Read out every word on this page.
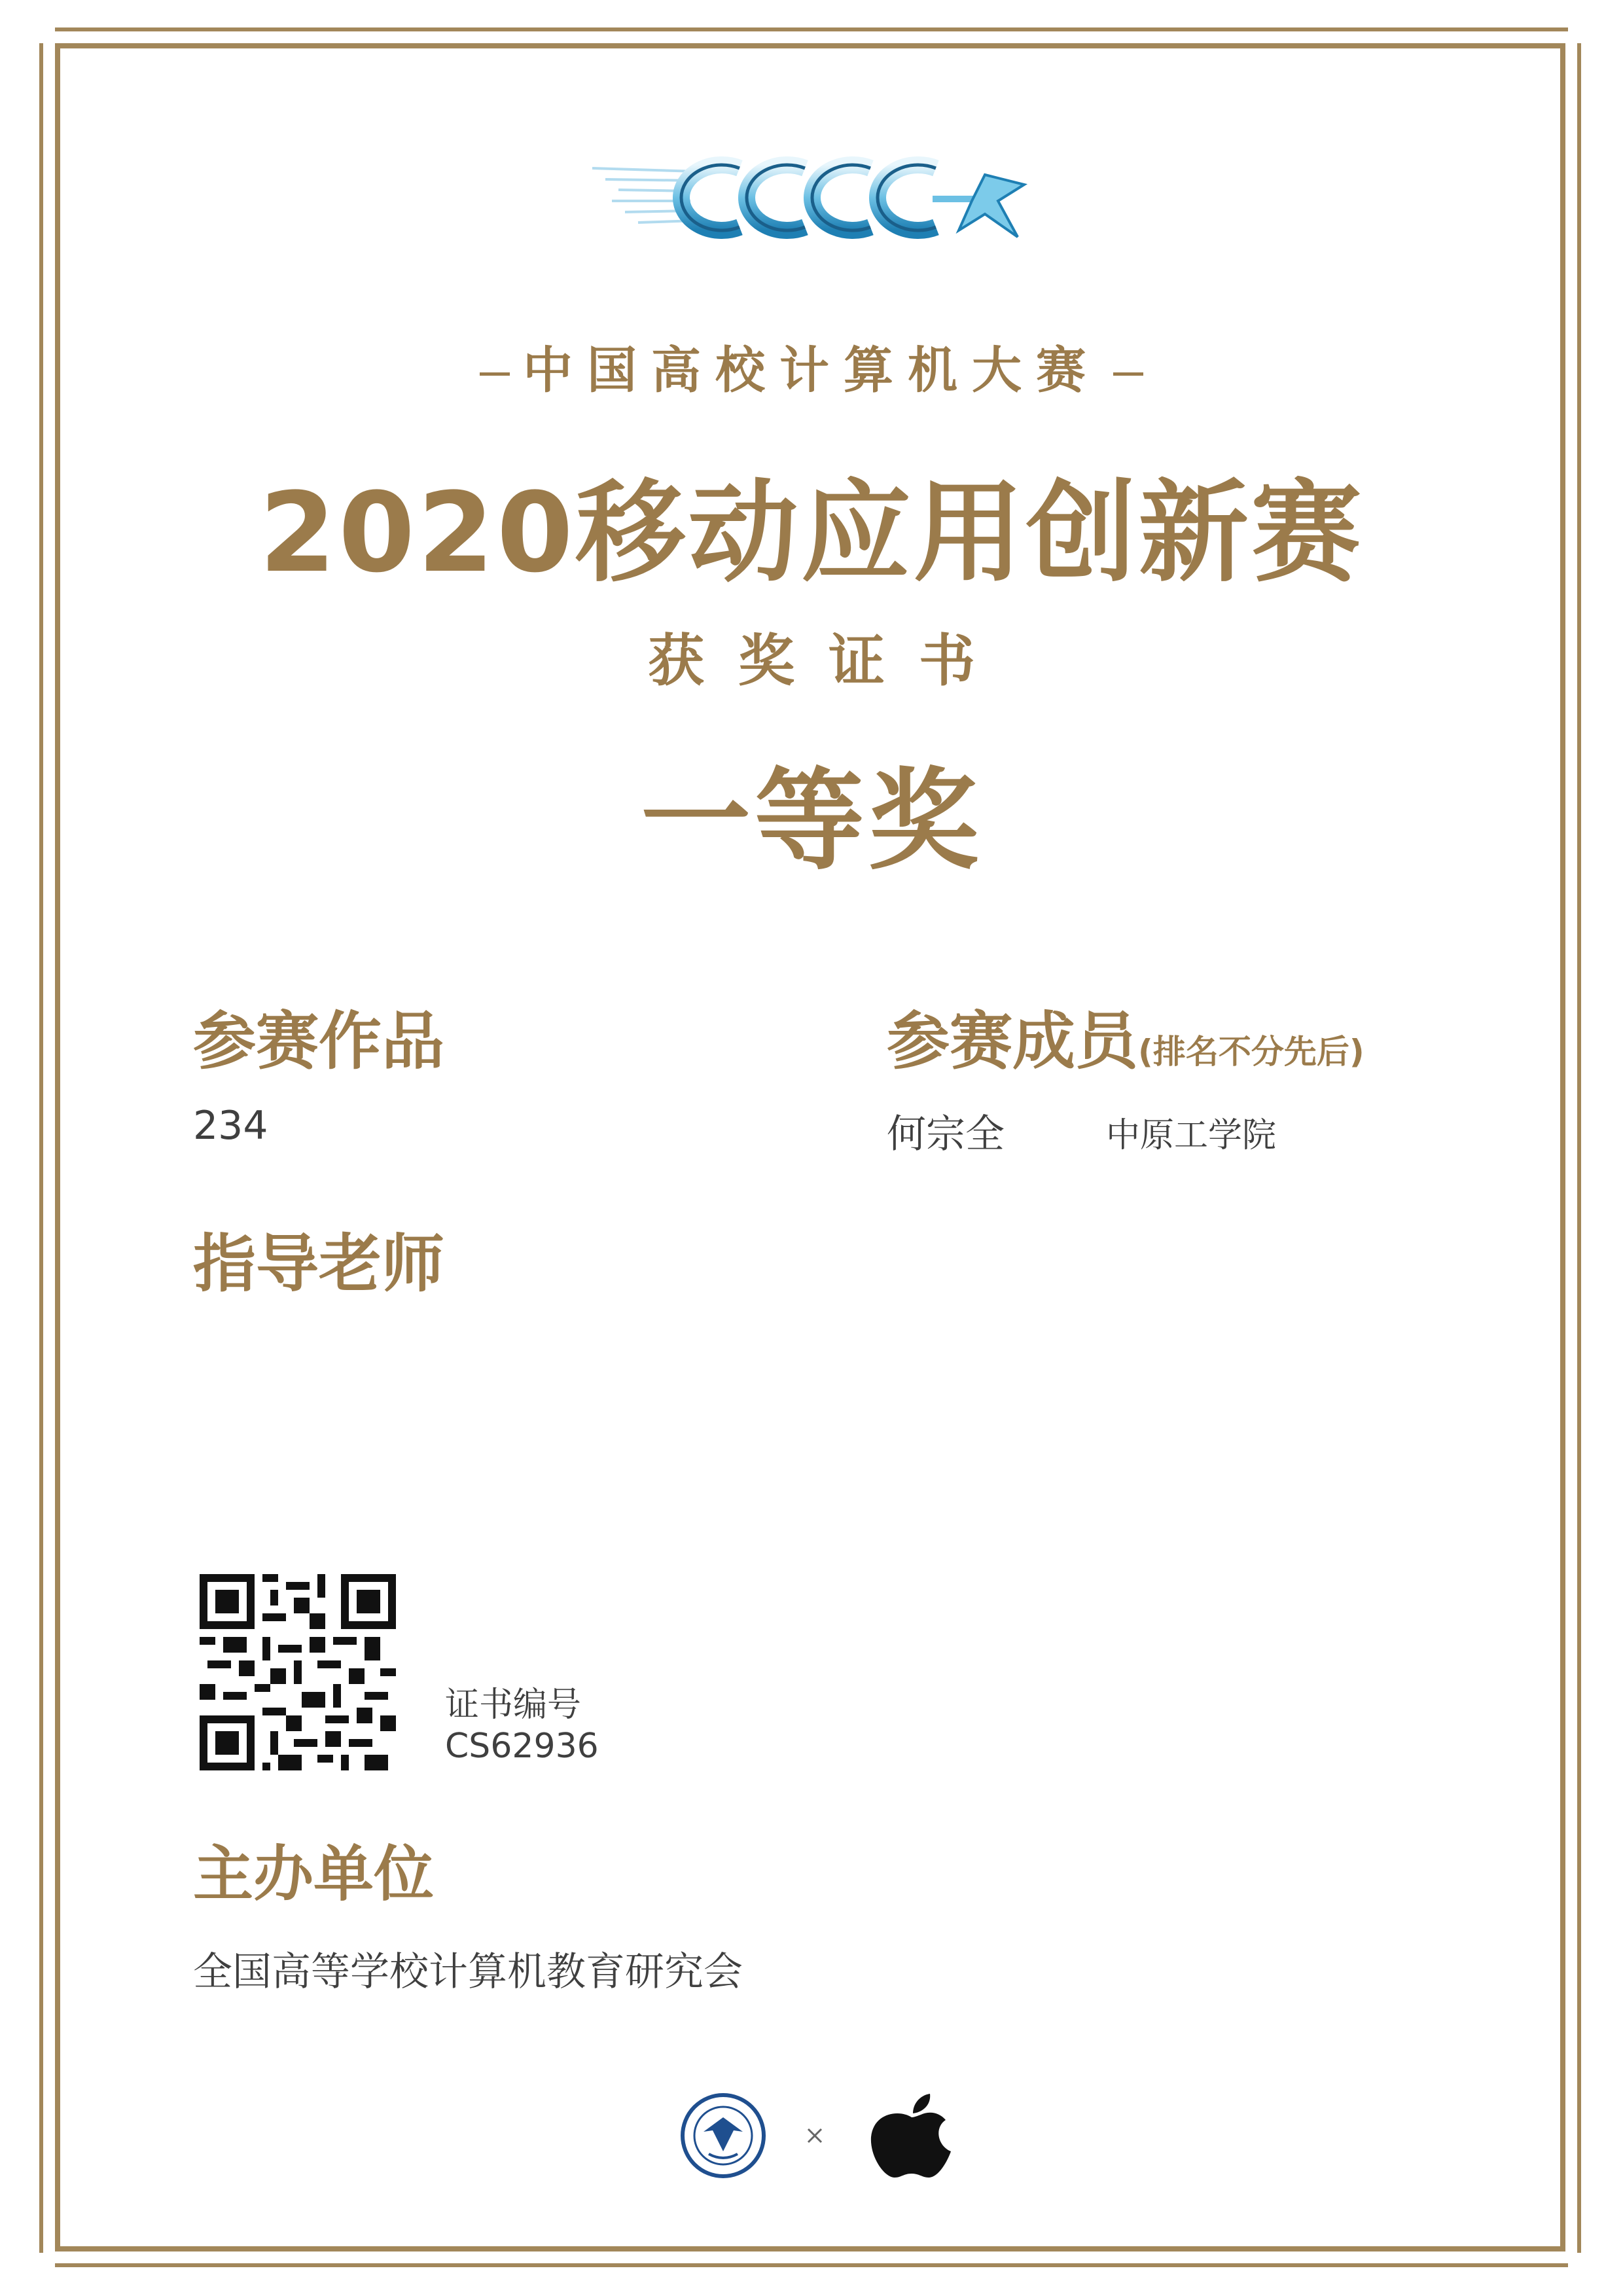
中国高校计算机大赛
2020移动应用创新赛
获奖证书
一等奖
参赛作品
234
参赛成员(排名不分先后)
何宗全	中原工学院
指导老师
证书编号
CS62936
主办单位
全国高等学校计算机教育研究会
